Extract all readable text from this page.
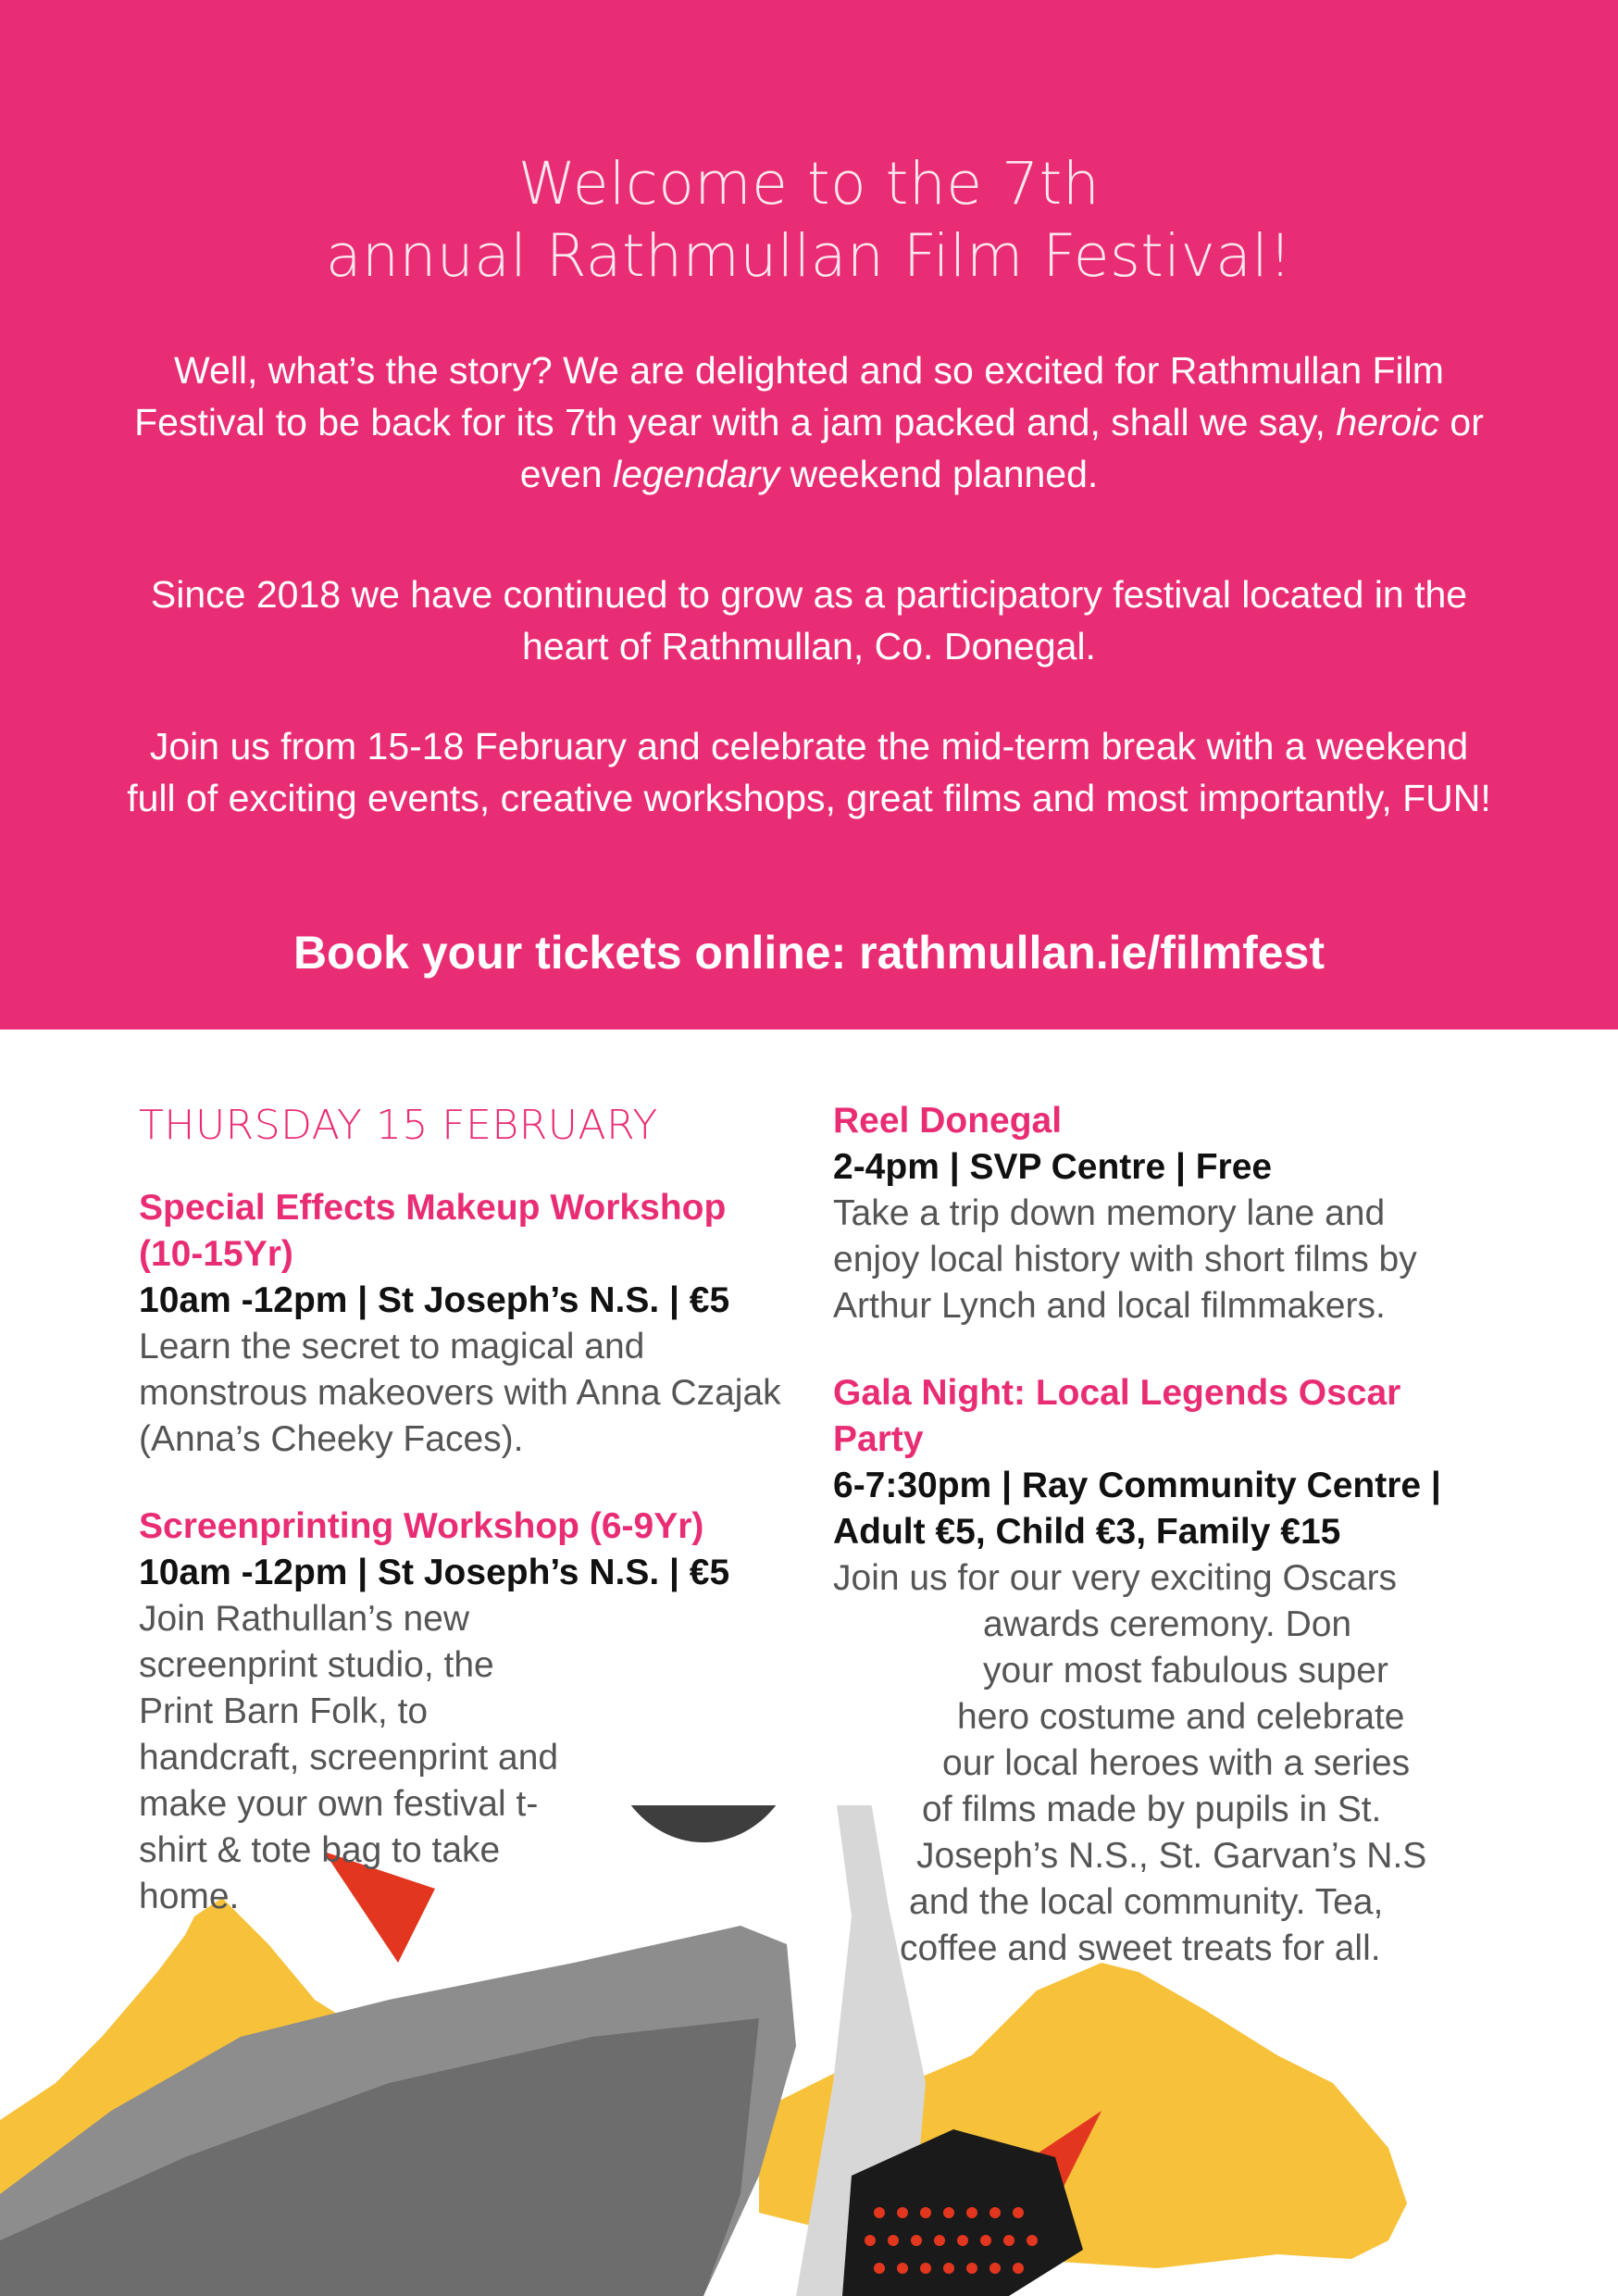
Welcome to the 7th
annual Rathmullan Film Festival!

Well, what’s the story? We are delighted and so excited for Rathmullan Film Festival to be back for its 7th year with a jam packed and, shall we say, heroic or even legendary weekend planned.

Since 2018 we have continued to grow as a participatory festival located in the heart of Rathmullan, Co. Donegal.

Join us from 15-18 February and celebrate the mid-term break with a weekend full of exciting events, creative workshops, great films and most importantly, FUN!

Book your tickets online: rathmullan.ie/filmfest

THURSDAY 15 FEBRUARY

Special Effects Makeup Workshop (10-15Yr)

10am -12pm | St Joseph’s N.S. | €5

Learn the secret to magical and monstrous makeovers with Anna Czajak (Anna’s Cheeky Faces).

Screenprinting Workshop (6-9Yr)

10am -12pm | St Joseph’s N.S. | €5

Join Rathullan’s new screenprint studio, the Print Barn Folk, to handcraft, screenprint and make your own festival t-shirt & tote bag to take home.

Reel Donegal

2-4pm | SVP Centre | Free

Take a trip down memory lane and enjoy local history with short films by Arthur Lynch and local filmmakers.

Gala Night: Local Legends Oscar Party

6-7:30pm | Ray Community Centre | Adult €5, Child €3, Family €15

Join us for our very exciting Oscars
awards ceremony. Don
your most fabulous super
hero costume and celebrate
our local heroes with a series
of films made by pupils in St.
Joseph’s N.S., St. Garvan’s N.S
and the local community. Tea,
coffee and sweet treats for all.
